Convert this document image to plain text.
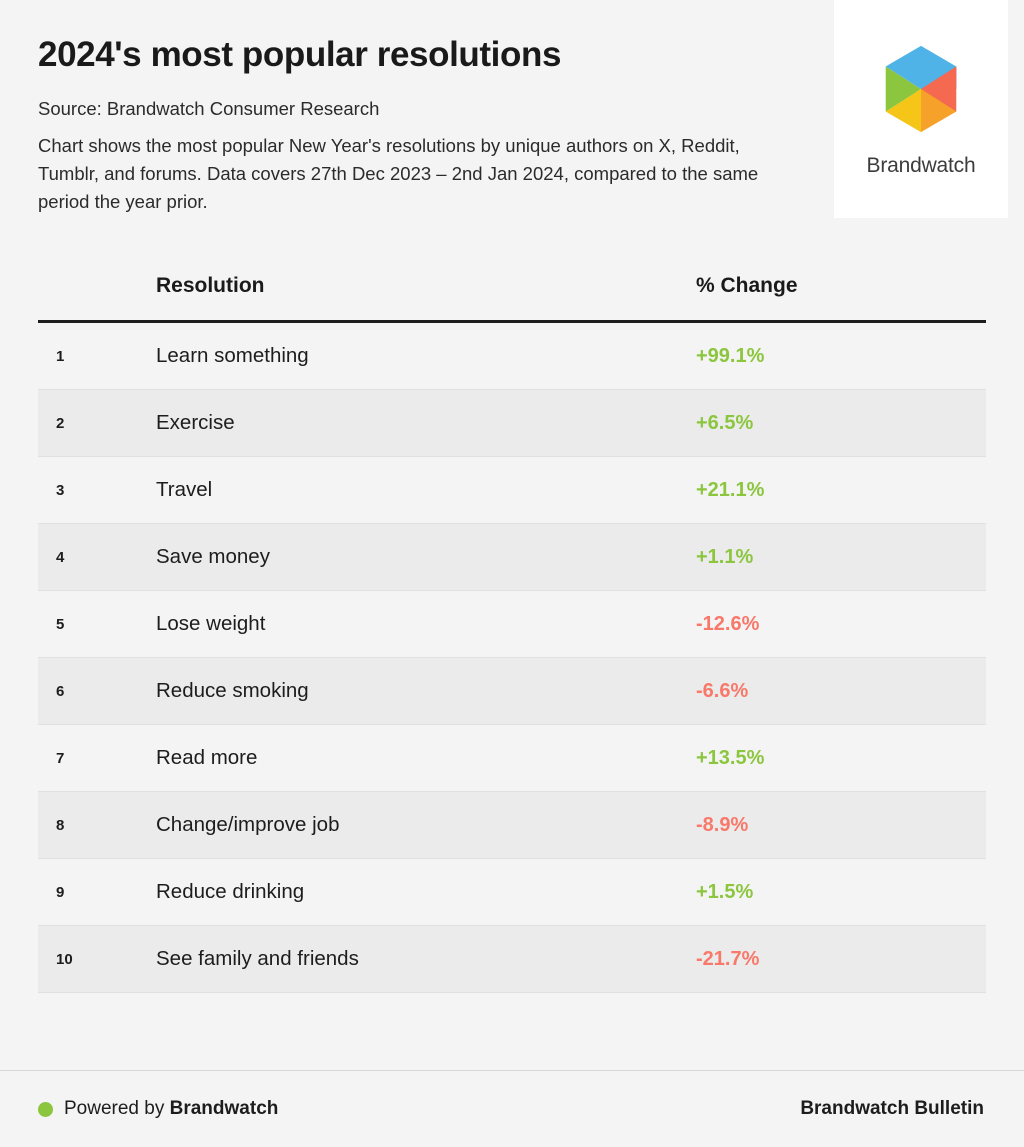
2024's most popular resolutions
Source: Brandwatch Consumer Research
Chart shows the most popular New Year's resolutions by unique authors on X, Reddit, Tumblr, and forums. Data covers 27th Dec 2023 – 2nd Jan 2024, compared to the same period the year prior.
Brandwatch
	Resolution	% Change
1	Learn something	+99.1%
2	Exercise	+6.5%
3	Travel	+21.1%
4	Save money	+1.1%
5	Lose weight	-12.6%
6	Reduce smoking	-6.6%
7	Read more	+13.5%
8	Change/improve job	-8.9%
9	Reduce drinking	+1.5%
10	See family and friends	-21.7%
Powered by Brandwatch	Brandwatch Bulletin
